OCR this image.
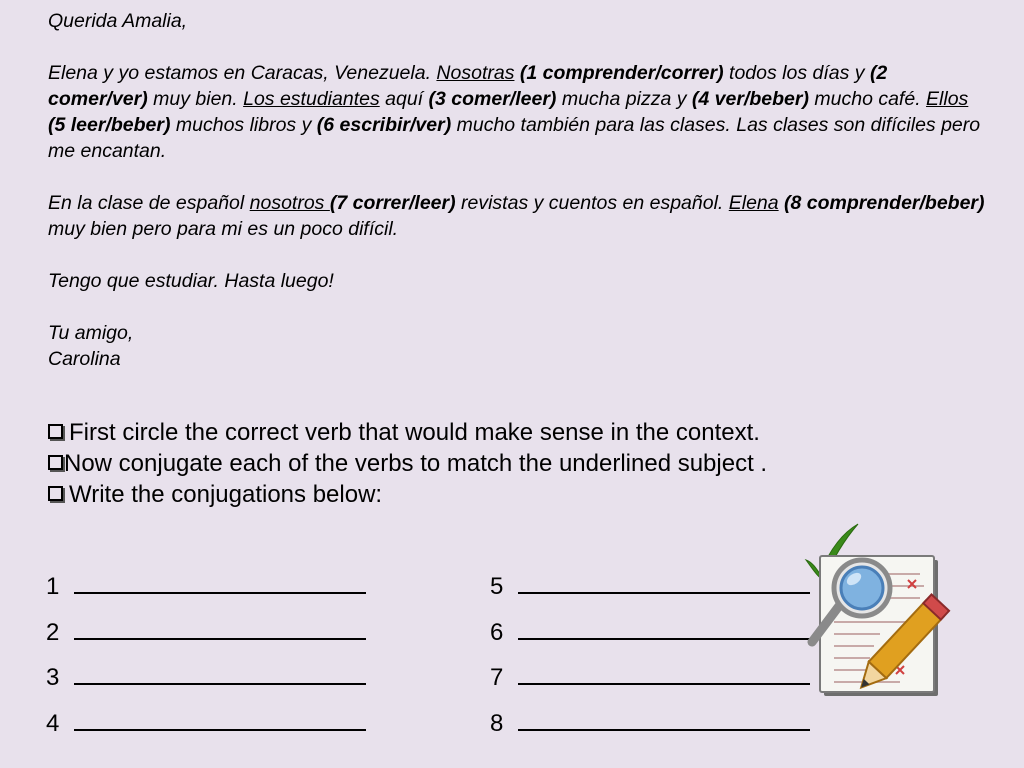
Querida Amalia,

Elena y yo estamos en Caracas, Venezuela. Nosotras (1 comprender/correr) todos los días y (2 comer/ver) muy bien. Los estudiantes aquí (3 comer/leer) mucha pizza y (4 ver/beber) mucho café. Ellos (5 leer/beber) muchos libros y (6 escribir/ver) mucho también para las clases. Las clases son difíciles pero me encantan.

En la clase de español nosotros (7 correr/leer) revistas y cuentos en español. Elena (8 comprender/beber) muy bien pero para mi es un poco difícil.

Tengo que estudiar. Hasta luego!

Tu amigo,

Carolina

First circle the correct verb that would make sense in the context.
Now conjugate each of the verbs to match the underlined subject .
Write the conjugations below:
1	5
2	6
3	7
4	8
